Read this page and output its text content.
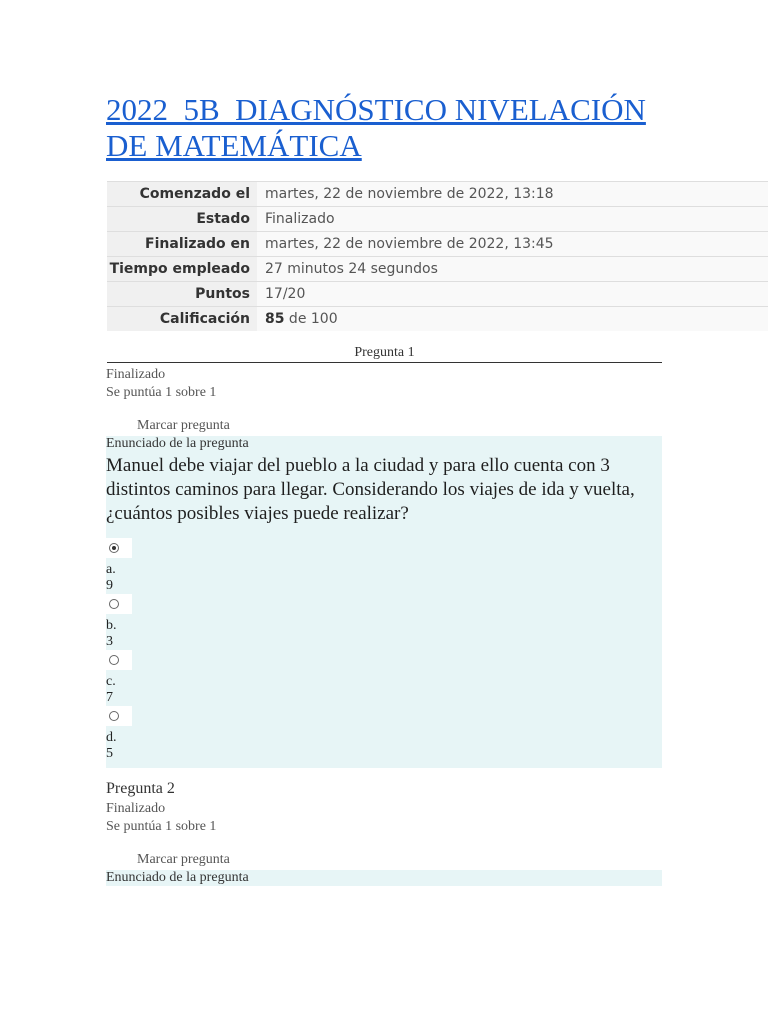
2022_5B_DIAGNÓSTICO NIVELACIÓN DE MATEMÁTICA
Comenzado el	martes, 22 de noviembre de 2022, 13:18
Estado	Finalizado
Finalizado en	martes, 22 de noviembre de 2022, 13:45
Tiempo empleado	27 minutos 24 segundos
Puntos	17/20
Calificación	85 de 100
Pregunta 1
Finalizado
Se puntúa 1 sobre 1
Marcar pregunta
Enunciado de la pregunta
Manuel debe viajar del pueblo a la ciudad y para ello cuenta con 3 distintos caminos para llegar. Considerando los viajes de ida y vuelta, ¿cuántos posibles viajes puede realizar?
a.
9
b.
3
c.
7
d.
5
Pregunta 2
Finalizado
Se puntúa 1 sobre 1
Marcar pregunta
Enunciado de la pregunta
